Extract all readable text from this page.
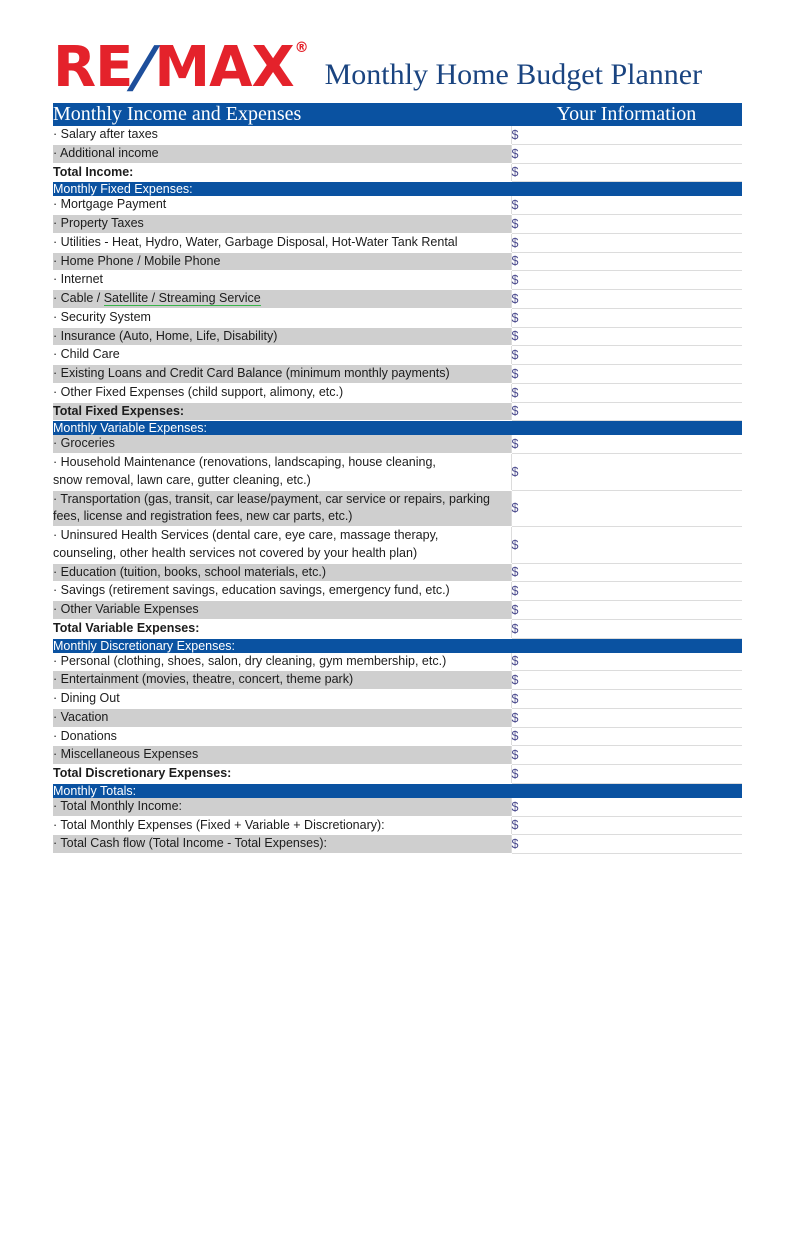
RE
/
MAX ®
Monthly Home Budget Planner
Monthly Income and Expenses	Your Information
· Salary after taxes	$
· Additional income	$
Total Income:	$
Monthly Fixed Expenses:	
· Mortgage Payment	$
· Property Taxes	$
· Utilities - Heat, Hydro, Water, Garbage Disposal, Hot-Water Tank Rental	$
· Home Phone / Mobile Phone	$
· Internet	$
· Cable / Satellite / Streaming Service	$
· Security System	$
· Insurance (Auto, Home, Life, Disability)	$
· Child Care	$
· Existing Loans and Credit Card Balance (minimum monthly payments)	$
· Other Fixed Expenses (child support, alimony, etc.)	$
Total Fixed Expenses:	$
Monthly Variable Expenses:	
· Groceries	$
· Household Maintenance (renovations, landscaping, house cleaning,
snow removal, lawn care, gutter cleaning, etc.)	$
· Transportation (gas, transit, car lease/payment, car service or repairs, parking
fees, license and registration fees, new car parts, etc.)	$
· Uninsured Health Services (dental care, eye care, massage therapy,
counseling, other health services not covered by your health plan)	$
· Education (tuition, books, school materials, etc.)	$
· Savings (retirement savings, education savings, emergency fund, etc.)	$
· Other Variable Expenses	$
Total Variable Expenses:	$
Monthly Discretionary Expenses:	
· Personal (clothing, shoes, salon, dry cleaning, gym membership, etc.)	$
· Entertainment (movies, theatre, concert, theme park)	$
· Dining Out	$
· Vacation	$
· Donations	$
· Miscellaneous Expenses	$
Total Discretionary Expenses:	$
Monthly Totals:	
· Total Monthly Income:	$
· Total Monthly Expenses (Fixed + Variable + Discretionary):	$
· Total Cash flow (Total Income - Total Expenses):	$
